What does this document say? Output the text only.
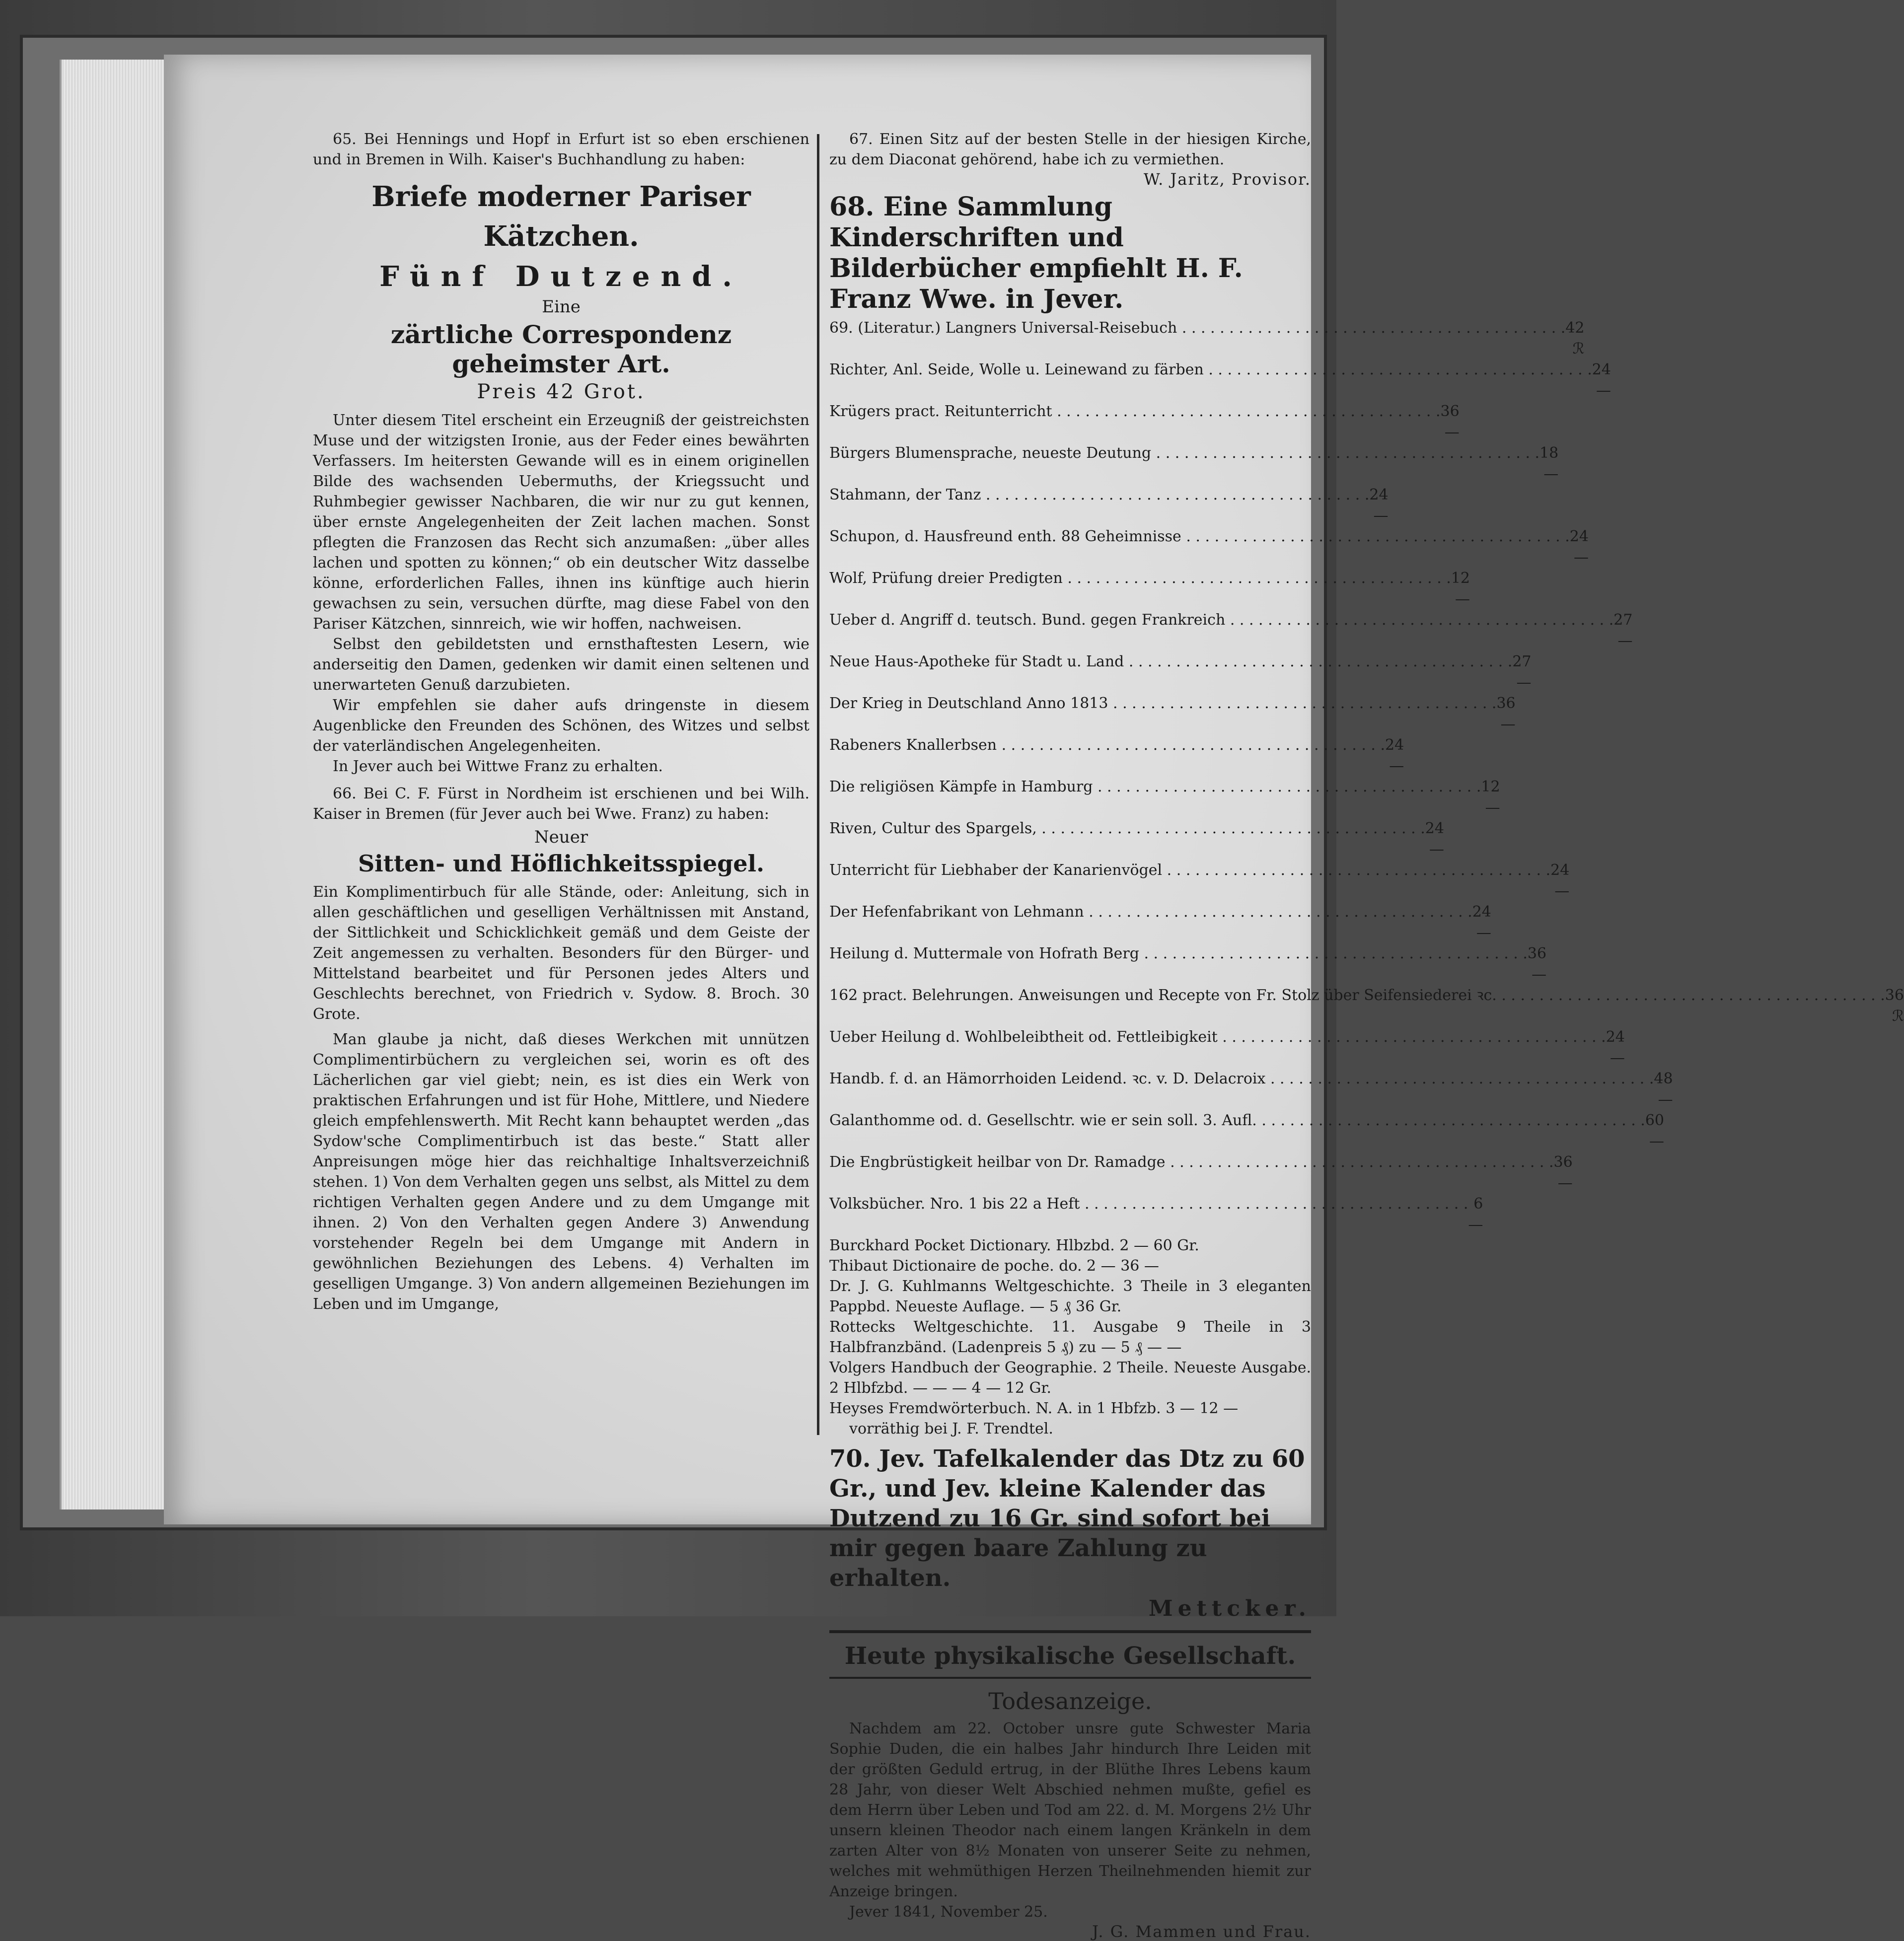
65. Bei Hennings und Hopf in Erfurt ist so eben erschienen und in Bremen in Wilh. Kaiser's Buchhandlung zu haben:

Briefe moderner Pariser Kätzchen.
Fünf Dutzend.
Eine
zärtliche Correspondenz geheimster Art.
Preis 42 Grot.

Unter diesem Titel erscheint ein Erzeugniß der geistreichsten Muse und der witzigsten Ironie, aus der Feder eines bewährten Verfassers. Im heitersten Gewande will es in einem originellen Bilde des wachsenden Uebermuths, der Kriegssucht und Ruhmbegier gewisser Nachbaren, die wir nur zu gut kennen, über ernste Angelegenheiten der Zeit lachen machen. Sonst pflegten die Franzosen das Recht sich anzumaßen: „über alles lachen und spotten zu können;“ ob ein deutscher Witz dasselbe könne, erforderlichen Falles, ihnen ins künftige auch hierin gewachsen zu sein, versuchen dürfte, mag diese Fabel von den Pariser Kätzchen, sinnreich, wie wir hoffen, nachweisen.

Selbst den gebildetsten und ernsthaftesten Lesern, wie anderseitig den Damen, gedenken wir damit einen seltenen und unerwarteten Genuß darzubieten.

Wir empfehlen sie daher aufs dringenste in diesem Augenblicke den Freunden des Schönen, des Witzes und selbst der vaterländischen Angelegenheiten.

In Jever auch bei Wittwe Franz zu erhalten.

66. Bei C. F. Fürst in Nordheim ist erschienen und bei Wilh. Kaiser in Bremen (für Jever auch bei Wwe. Franz) zu haben:

Neuer
Sitten- und Höflichkeitsspiegel.

Ein Komplimentirbuch für alle Stände, oder: Anleitung, sich in allen geschäftlichen und geselligen Verhältnissen mit Anstand, der Sittlichkeit und Schicklichkeit gemäß und dem Geiste der Zeit angemessen zu verhalten. Besonders für den Bürger- und Mittelstand bearbeitet und für Personen jedes Alters und Geschlechts berechnet, von Friedrich v. Sydow. 8. Broch. 30 Grote.

Man glaube ja nicht, daß dieses Werkchen mit unnützen Complimentirbüchern zu vergleichen sei, worin es oft des Lächerlichen gar viel giebt; nein, es ist dies ein Werk von praktischen Erfahrungen und ist für Hohe, Mittlere, und Niedere gleich empfehlenswerth. Mit Recht kann behauptet werden „das Sydow'sche Complimentirbuch ist das beste.“ Statt aller Anpreisungen möge hier das reichhaltige Inhaltsverzeichniß stehen. 1) Von dem Verhalten gegen uns selbst, als Mittel zu dem richtigen Verhalten gegen Andere und zu dem Umgange mit ihnen. 2) Von den Verhalten gegen Andere 3) Anwendung vorstehender Regeln bei dem Umgange mit Andern in gewöhnlichen Beziehungen des Lebens. 4) Verhalten im geselligen Umgange. 3) Von andern allgemeinen Beziehungen im Leben und im Umgange,

67. Einen Sitz auf der besten Stelle in der hiesigen Kirche, zu dem Diaconat gehörend, habe ich zu vermiethen.

W. Jaritz, Provisor.

68. Eine Sammlung Kinderschriften und Bilderbücher empfiehlt H. F. Franz Wwe. in Jever.
69. (Literatur.) Langners Universal-Reisebuch . . .	42 ℛ
Richter, Anl. Seide, Wolle u. Leinewand zu färben . . .	24 —
Krügers pract. Reitunterricht . . .	36 —
Bürgers Blumensprache, neueste Deutung . . .	18 —
Stahmann, der Tanz . . .	24 —
Schupon, d. Hausfreund enth. 88 Geheimnisse . . .	24 —
Wolf, Prüfung dreier Predigten . . .	12 —
Ueber d. Angriff d. teutsch. Bund. gegen Frankreich . . .	27 —
Neue Haus-Apotheke für Stadt u. Land . . .	27 —
Der Krieg in Deutschland Anno 1813 . . .	36 —
Rabeners Knallerbsen . . .	24 —
Die religiösen Kämpfe in Hamburg . . .	12 —
Riven, Cultur des Spargels, . . .	24 —
Unterricht für Liebhaber der Kanarienvögel . . .	24 —
Der Hefenfabrikant von Lehmann . . .	24 —
Heilung d. Muttermale von Hofrath Berg . . .	36 —
162 pract. Belehrungen. Anweisungen und Recepte von Fr. Stolz über Seifensiederei ꝛc. . . .	36 ℛ
Ueber Heilung d. Wohlbeleibtheit od. Fettleibigkeit . . .	24 —
Handb. f. d. an Hämorrhoiden Leidend. ꝛc. v. D. Delacroix . . .	48 —
Galanthomme od. d. Gesellschtr. wie er sein soll. 3. Aufl. . . .	60 —
Die Engbrüstigkeit heilbar von Dr. Ramadge . . .	36 —
Volksbücher. Nro. 1 bis 22 a Heft . . .	6 —

Burckhard Pocket Dictionary. Hlbzbd. 2 — 60 Gr.

Thibaut Dictionaire de poche. do. 2 — 36 —

Dr. J. G. Kuhlmanns Weltgeschichte. 3 Theile in 3 eleganten Pappbd. Neueste Auflage. — 5 ₰ 36 Gr.

Rottecks Weltgeschichte. 11. Ausgabe 9 Theile in 3 Halbfranzbänd. (Ladenpreis 5 ₰) zu — 5 ₰ — —

Volgers Handbuch der Geographie. 2 Theile. Neueste Ausgabe. 2 Hlbfzbd. — — — 4 — 12 Gr.

Heyses Fremdwörterbuch. N. A. in 1 Hbfzb. 3 — 12 —

vorräthig bei J. F. Trendtel.

70. Jev. Tafelkalender das Dtz zu 60 Gr., und Jev. kleine Kalender das Dutzend zu 16 Gr. sind sofort bei mir gegen baare Zahlung zu erhalten.
Mettcker.
Heute physikalische Gesellschaft.
Todesanzeige.

Nachdem am 22. October unsre gute Schwester Maria Sophie Duden, die ein halbes Jahr hindurch Ihre Leiden mit der größten Geduld ertrug, in der Blüthe Ihres Lebens kaum 28 Jahr, von dieser Welt Abschied nehmen mußte, gefiel es dem Herrn über Leben und Tod am 22. d. M. Morgens 2½ Uhr unsern kleinen Theodor nach einem langen Kränkeln in dem zarten Alter von 8½ Monaten von unserer Seite zu nehmen, welches mit wehmüthigen Herzen Theilnehmenden hiemit zur Anzeige bringen.

Jever 1841, November 25.

J. G. Mammen und Frau.
